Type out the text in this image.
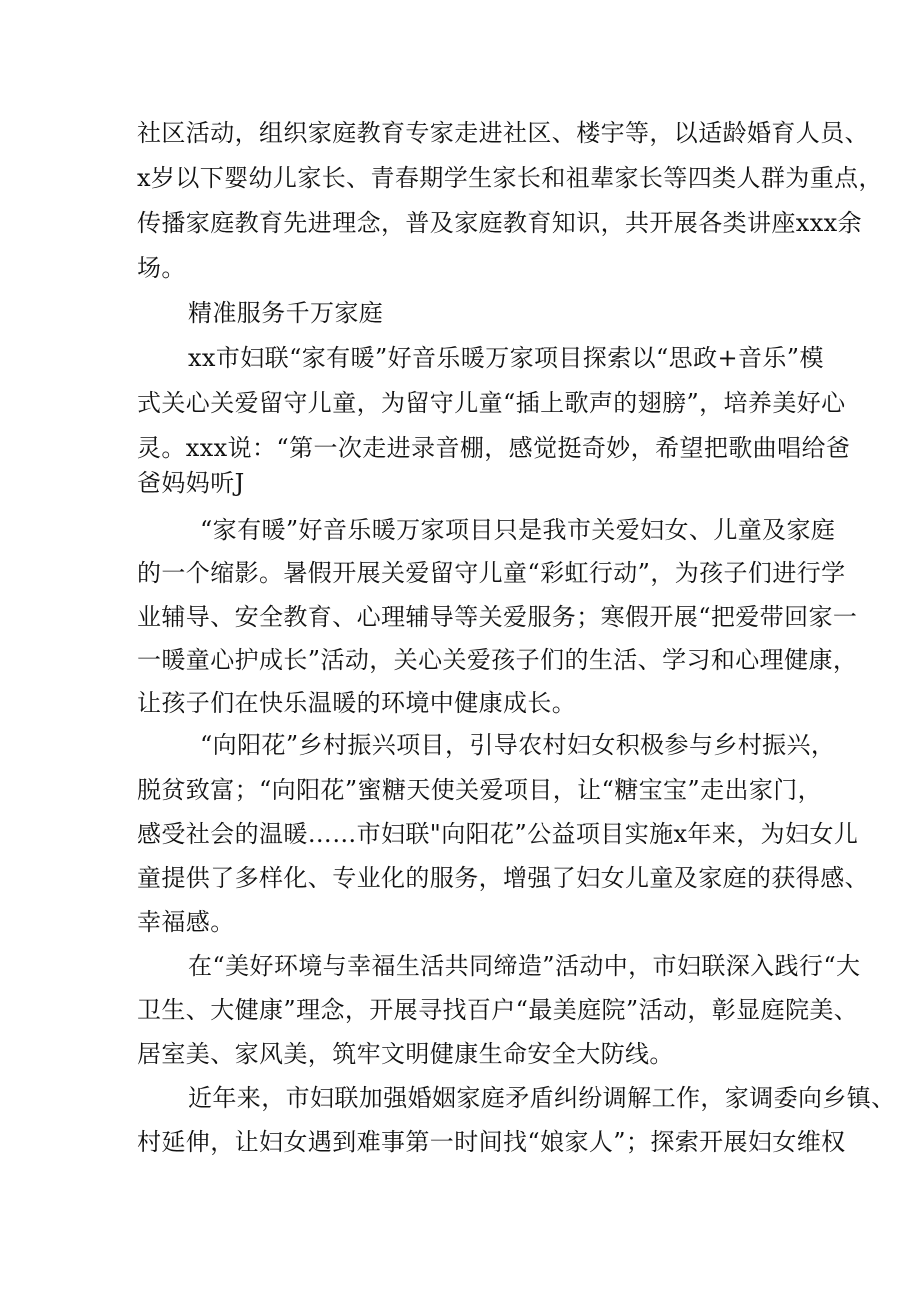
社区活动，组织家庭教育专家走进社区、楼宇等，以适龄婚育人员、
x岁以下婴幼儿家长、青春期学生家长和祖辈家长等四类人群为重点，
传播家庭教育先进理念，普及家庭教育知识，共开展各类讲座xxx余
场。
精准服务千万家庭
xx市妇联“家有暖”好音乐暖万家项目探索以“思政+音乐”模
式关心关爱留守儿童，为留守儿童“插上歌声的翅膀”，培养美好心
灵。xxx说：“第一次走进录音棚，感觉挺奇妙，希望把歌曲唱给爸
爸妈妈听J
“家有暖”好音乐暖万家项目只是我市关爱妇女、儿童及家庭
的一个缩影。暑假开展关爱留守儿童“彩虹行动”，为孩子们进行学
业辅导、安全教育、心理辅导等关爱服务；寒假开展“把爱带回家一
一暖童心护成长”活动，关心关爱孩子们的生活、学习和心理健康，
让孩子们在快乐温暖的环境中健康成长。
“向阳花”乡村振兴项目，引导农村妇女积极参与乡村振兴，
脱贫致富；“向阳花”蜜糖天使关爱项目，让“糖宝宝”走出家门，
感受社会的温暖……市妇联"向阳花”公益项目实施x年来，为妇女儿
童提供了多样化、专业化的服务，增强了妇女儿童及家庭的获得感、
幸福感。
在“美好环境与幸福生活共同缔造”活动中，市妇联深入践行“大
卫生、大健康”理念，开展寻找百户“最美庭院”活动，彰显庭院美、
居室美、家风美，筑牢文明健康生命安全大防线。
近年来，市妇联加强婚姻家庭矛盾纠纷调解工作，家调委向乡镇、
村延伸，让妇女遇到难事第一时间找“娘家人”；探索开展妇女维权
